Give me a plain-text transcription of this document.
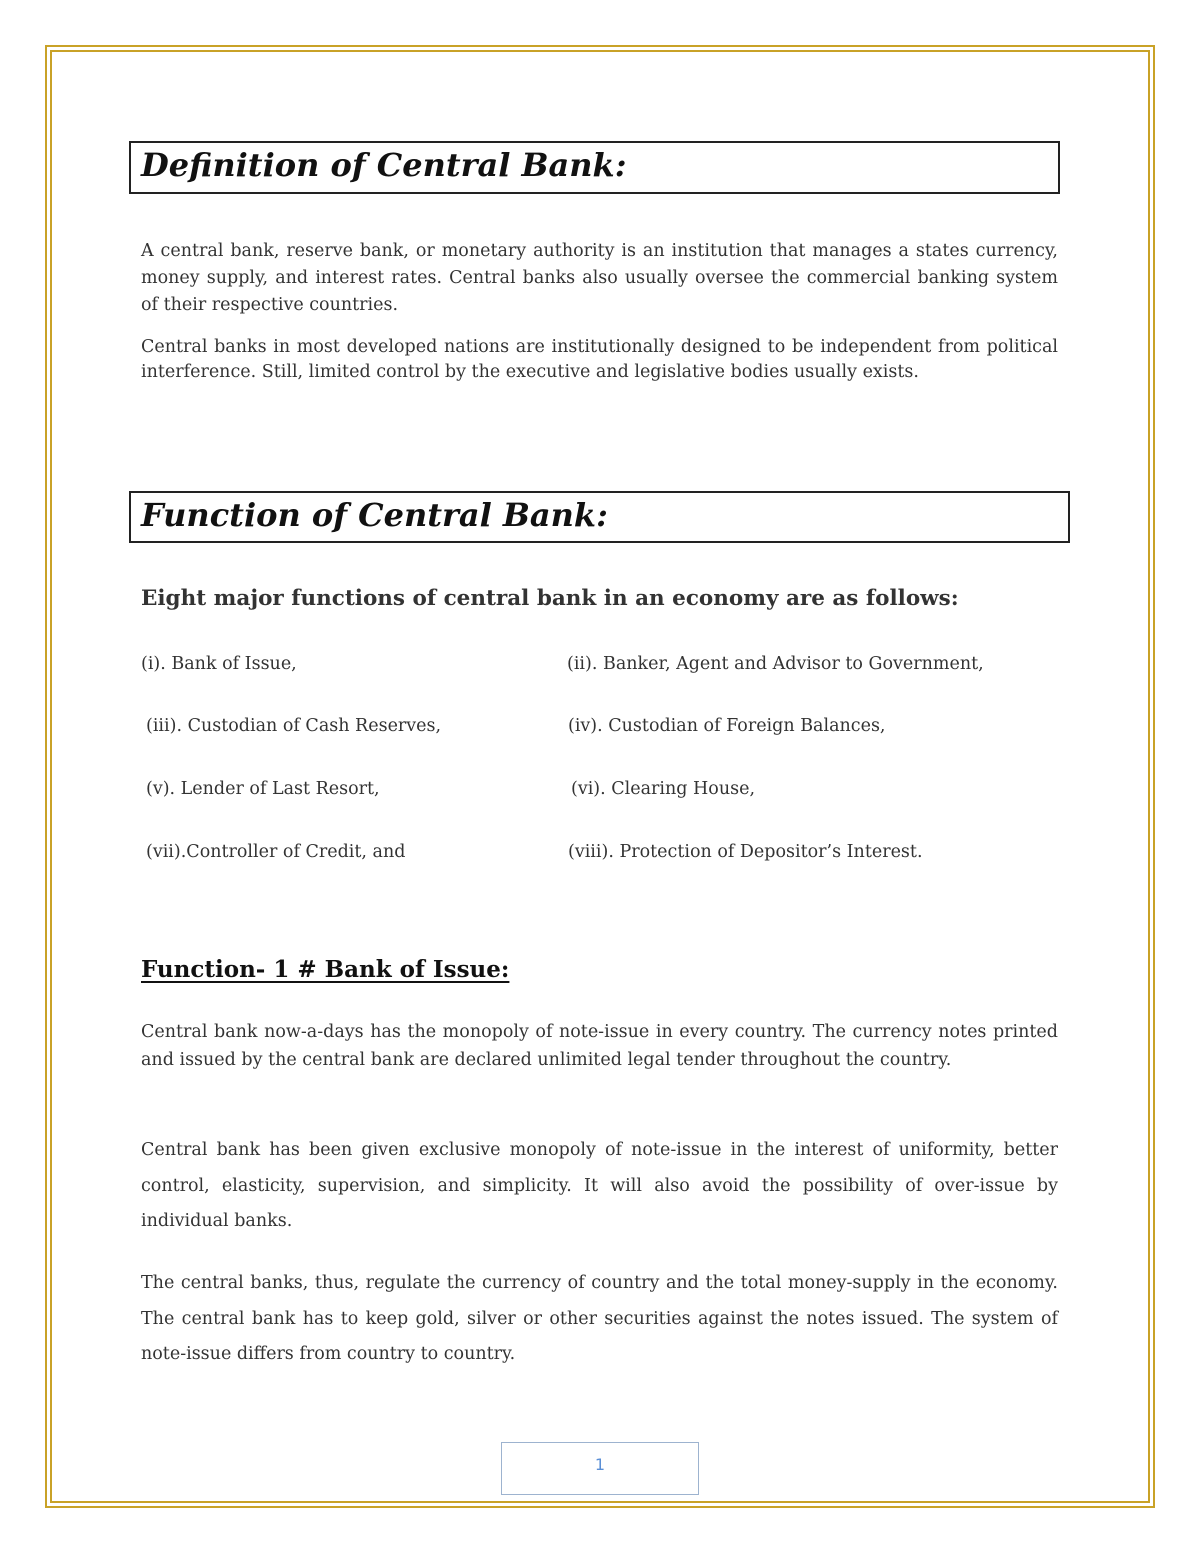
Definition of Central Bank:

A central bank, reserve bank, or monetary authority is an institution that manages a states currency, money supply, and interest rates. Central banks also usually oversee the commercial banking system of their respective countries.

Central banks in most developed nations are institutionally designed to be independent from political interference. Still, limited control by the executive and legislative bodies usually exists.

Function of Central Bank:

Eight major functions of central bank in an economy are as follows:

(i). Bank of Issue,	(ii). Banker, Agent and Advisor to Government,
(iii). Custodian of Cash Reserves,	(iv). Custodian of Foreign Balances,
(v). Lender of Last Resort,	(vi). Clearing House,
(vii).Controller of Credit, and	(viii). Protection of Depositor’s Interest.

Function- 1 # Bank of Issue:

Central bank now-a-days has the monopoly of note-issue in every country. The currency notes printed and issued by the central bank are declared unlimited legal tender throughout the country.

Central bank has been given exclusive monopoly of note-issue in the interest of uniformity, better control, elasticity, supervision, and simplicity. It will also avoid the possibility of over-issue by individual banks.

The central banks, thus, regulate the currency of country and the total money-supply in the economy. The central bank has to keep gold, silver or other securities against the notes issued. The system of note-issue differs from country to country.

1
